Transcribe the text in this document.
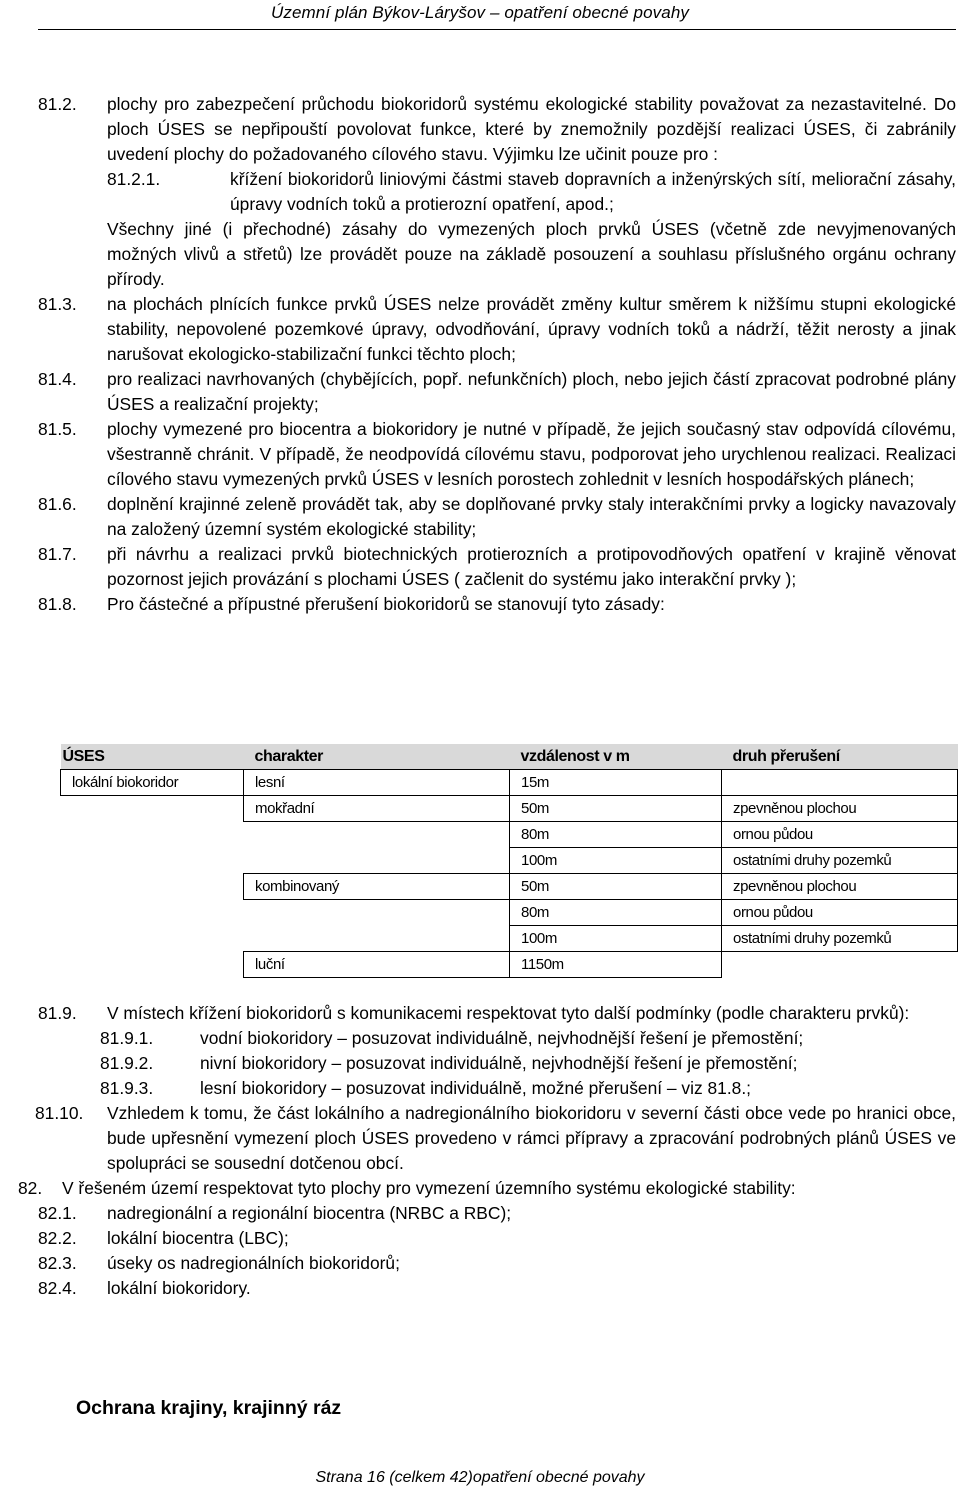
Územní plán Býkov-Láryšov – opatření obecné povahy
81.2.	plochy pro zabezpečení průchodu biokoridorů systému ekologické stability považovat za nezastavitelné. Do ploch ÚSES se nepřipouští povolovat funkce, které by znemožnily pozdější realizaci ÚSES, či zabránily uvedení plochy do požadovaného cílového stavu. Výjimku lze učinit pouze pro :
81.2.1.	křížení biokoridorů liniovými částmi staveb dopravních a inženýrských sítí, meliorační zásahy, úpravy vodních toků a protierozní opatření, apod.;
Všechny jiné (i přechodné) zásahy do vymezených ploch prvků ÚSES (včetně zde nevyjmenovaných možných vlivů a střetů) lze provádět pouze na základě posouzení a souhlasu příslušného orgánu ochrany přírody.
81.3.	na plochách plnících funkce prvků ÚSES nelze provádět změny kultur směrem k nižšímu stupni ekologické stability, nepovolené pozemkové úpravy, odvodňování, úpravy vodních toků a nádrží, těžit nerosty a jinak narušovat ekologicko-stabilizační funkci těchto ploch;
81.4.	pro realizaci navrhovaných (chybějících, popř. nefunkčních) ploch, nebo jejich částí zpracovat podrobné plány ÚSES a realizační projekty;
81.5.	plochy vymezené pro biocentra a biokoridory je nutné v případě, že jejich současný stav odpovídá cílovému, všestranně chránit. V případě, že neodpovídá cílovému stavu, podporovat jeho urychlenou realizaci. Realizaci cílového stavu vymezených prvků ÚSES v lesních porostech zohlednit v lesních hospodářských plánech;
81.6.	doplnění krajinné zeleně provádět tak, aby se doplňované prvky staly interakčními prvky a logicky navazovaly na založený územní systém ekologické stability;
81.7.	při návrhu a realizaci prvků biotechnických protierozních a protipovodňových opatření v krajině věnovat pozornost jejich provázání s plochami ÚSES ( začlenit do systému jako interakční prvky );
81.8.	Pro částečné a přípustné přerušení biokoridorů se stanovují tyto zásady:
ÚSES	charakter	vzdálenost v m	druh přerušení
lokální biokoridor	lesní	15m	
	mokřadní	50m	zpevněnou plochou
		80m	ornou půdou
		100m	ostatními druhy pozemků
	kombinovaný	50m	zpevněnou plochou
		80m	ornou půdou
		100m	ostatními druhy pozemků
	luční	1150m	
81.9.	V místech křížení biokoridorů s komunikacemi respektovat tyto další podmínky (podle charakteru prvků):
81.9.1.	vodní biokoridory – posuzovat individuálně, nejvhodnější řešení je přemostění;
81.9.2.	nivní biokoridory – posuzovat individuálně, nejvhodnější řešení je přemostění;
81.9.3.	lesní biokoridory – posuzovat individuálně, možné přerušení – viz 81.8.;
81.10.	Vzhledem k tomu, že část lokálního a nadregionálního biokoridoru v severní části obce vede po hranici obce, bude upřesnění vymezení ploch ÚSES provedeno v rámci přípravy a zpracování podrobných plánů ÚSES ve spolupráci se sousední dotčenou obcí.
82.	V řešeném území respektovat tyto plochy pro vymezení územního systému ekologické stability:
82.1.	nadregionální a regionální biocentra (NRBC a RBC);
82.2.	lokální biocentra (LBC);
82.3.	úseky os nadregionálních biokoridorů;
82.4.	lokální biokoridory.
Ochrana krajiny, krajinný ráz
Strana 16 (celkem 42)opatření obecné povahy
